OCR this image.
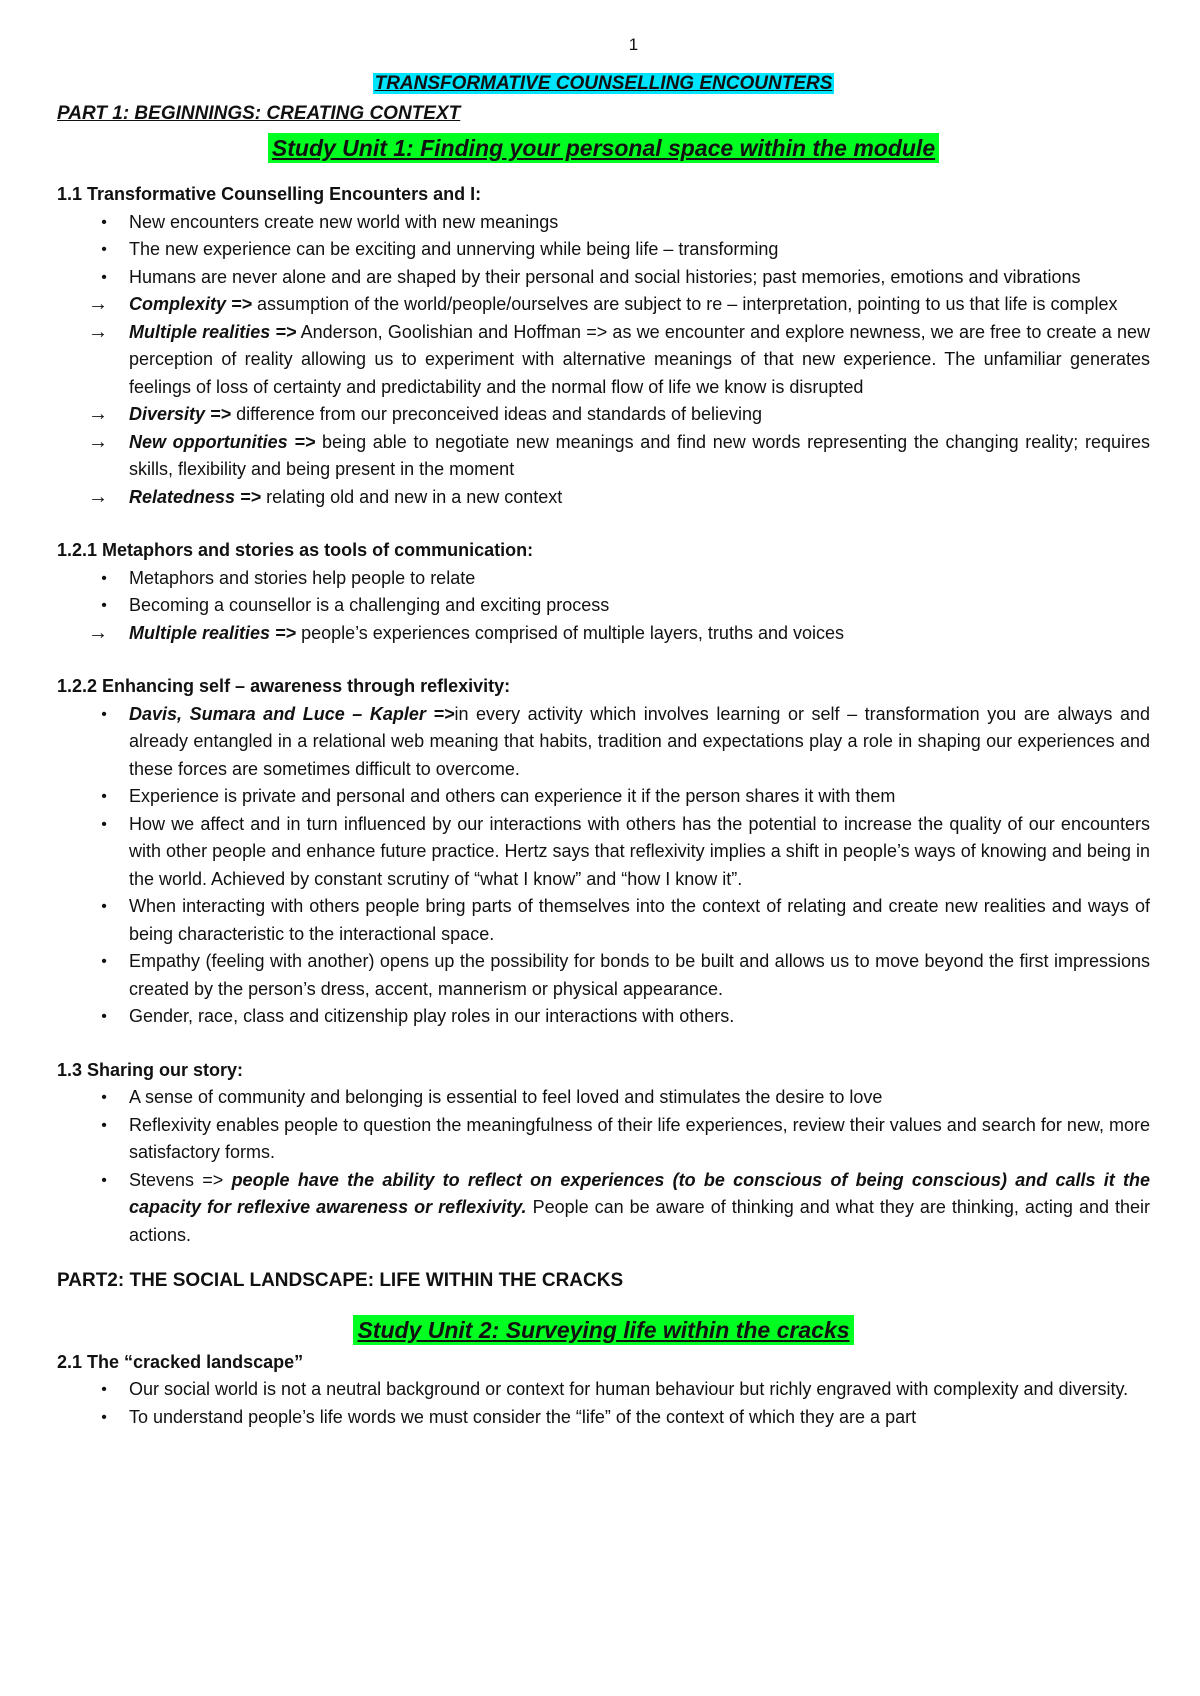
1

TRANSFORMATIVE COUNSELLING ENCOUNTERS

PART 1: BEGINNINGS: CREATING CONTEXT

Study Unit 1: Finding your personal space within the module

1.1 Transformative Counselling Encounters and I:

•	New encounters create new world with new meanings
•	The new experience can be exciting and unnerving while being life – transforming
•	Humans are never alone and are shaped by their personal and social histories; past memories, emotions and vibrations
→ Complexity => assumption of the world/people/ourselves are subject to re – interpretation, pointing to us that life is complex
→ Multiple realities => Anderson, Goolishian and Hoffman => as we encounter and explore newness, we are free to create a new perception of reality allowing us to experiment with alternative meanings of that new experience. The unfamiliar generates feelings of loss of certainty and predictability and the normal flow of life we know is disrupted
→ Diversity => difference from our preconceived ideas and standards of believing
→ New opportunities => being able to negotiate new meanings and find new words representing the changing reality; requires skills, flexibility and being present in the moment
→ Relatedness => relating old and new in a new context

1.2.1 Metaphors and stories as tools of communication:

•	Metaphors and stories help people to relate
•	Becoming a counsellor is a challenging and exciting process
→ Multiple realities => people’s experiences comprised of multiple layers, truths and voices

1.2.2 Enhancing self – awareness through reflexivity:

•	Davis, Sumara and Luce – Kapler =>in every activity which involves learning or self – transformation you are always and already entangled in a relational web meaning that habits, tradition and expectations play a role in shaping our experiences and these forces are sometimes difficult to overcome.
•	Experience is private and personal and others can experience it if the person shares it with them
•	How we affect and in turn influenced by our interactions with others has the potential to increase the quality of our encounters with other people and enhance future practice. Hertz says that reflexivity implies a shift in people’s ways of knowing and being in the world. Achieved by constant scrutiny of “what I know” and “how I know it”.
•	When interacting with others people bring parts of themselves into the context of relating and create new realities and ways of being characteristic to the interactional space.
•	Empathy (feeling with another) opens up the possibility for bonds to be built and allows us to move beyond the first impressions created by the person’s dress, accent, mannerism or physical appearance.
•	Gender, race, class and citizenship play roles in our interactions with others.

1.3 Sharing our story:

•	A sense of community and belonging is essential to feel loved and stimulates the desire to love
•	Reflexivity enables people to question the meaningfulness of their life experiences, review their values and search for new, more satisfactory forms.
•	Stevens => people have the ability to reflect on experiences (to be conscious of being conscious) and calls it the capacity for reflexive awareness or reflexivity. People can be aware of thinking and what they are thinking, acting and their actions.

PART2: THE SOCIAL LANDSCAPE: LIFE WITHIN THE CRACKS

Study Unit 2: Surveying life within the cracks

2.1 The “cracked landscape”

•	Our social world is not a neutral background or context for human behaviour but richly engraved with complexity and diversity.
•	To understand people’s life words we must consider the “life” of the context of which they are a part
